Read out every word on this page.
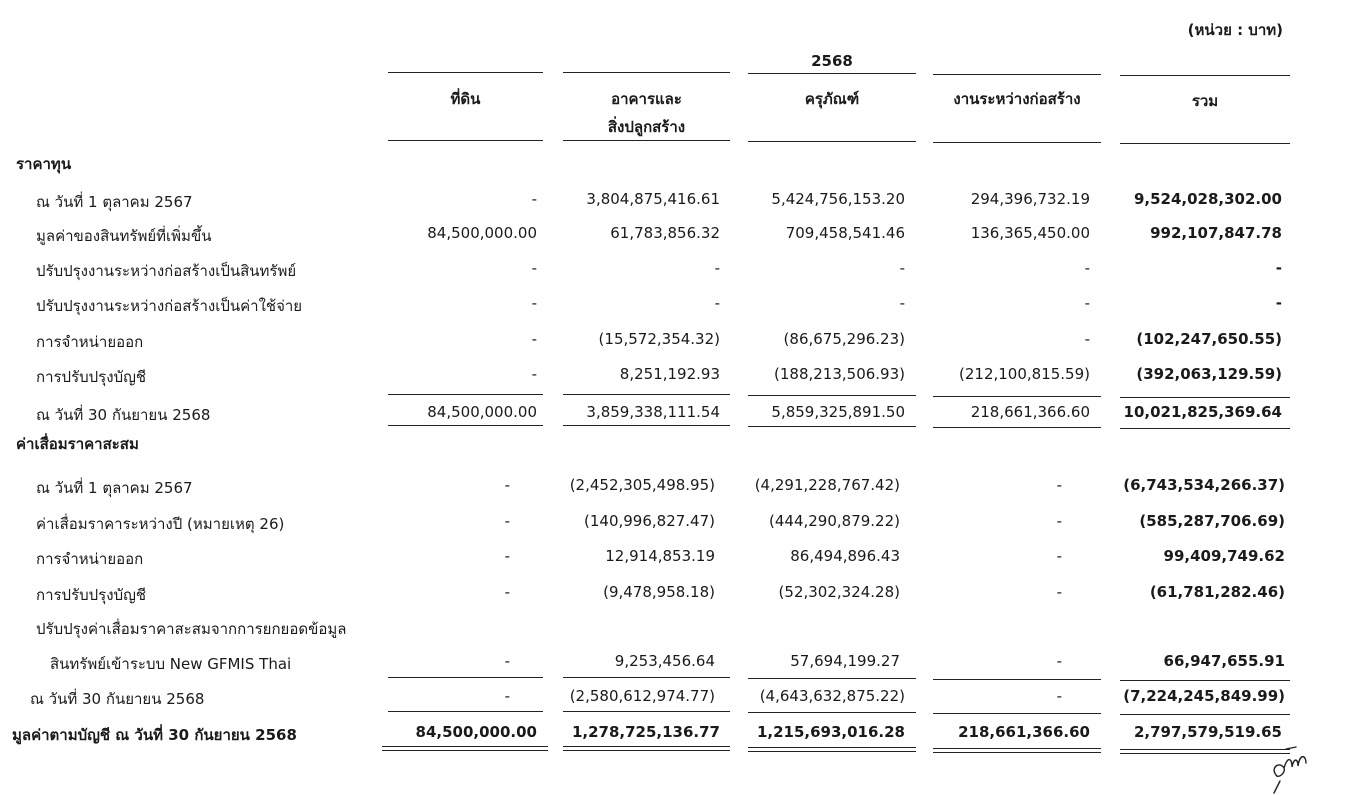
(หน่วย : บาท)
2568
ที่ดิน	อาคารและ
สิ่งปลูกสร้าง
ครุภัณฑ์	งานระหว่างก่อสร้าง	รวม
ราคาทุน
ค่าเสื่อมราคาสะสม
ณ วันที่ 1 ตุลาคม 2567	-	3,804,875,416.61	5,424,756,153.20	294,396,732.19	9,524,028,302.00
มูลค่าของสินทรัพย์ที่เพิ่มขึ้น	84,500,000.00	61,783,856.32	709,458,541.46	136,365,450.00	992,107,847.78
ปรับปรุงงานระหว่างก่อสร้างเป็นสินทรัพย์	-	-	-	-	-
ปรับปรุงงานระหว่างก่อสร้างเป็นค่าใช้จ่าย	-	-	-	-	-
การจำหน่ายออก	-	(15,572,354.32)	(86,675,296.23)	-	(102,247,650.55)
การปรับปรุงบัญชี	-	8,251,192.93	(188,213,506.93)	(212,100,815.59)	(392,063,129.59)
ณ วันที่ 30 กันยายน 2568	84,500,000.00	3,859,338,111.54	5,859,325,891.50	218,661,366.60 10,021,825,369.64
ณ วันที่ 1 ตุลาคม 2567	-	(2,452,305,498.95)	(4,291,228,767.42)	-	(6,743,534,266.37)
ค่าเสื่อมราคาระหว่างปี (หมายเหตุ 26)	-	(140,996,827.47)	(444,290,879.22)	-	(585,287,706.69)
การจำหน่ายออก	-	12,914,853.19	86,494,896.43	-	99,409,749.62
การปรับปรุงบัญชี	-	(9,478,958.18)	(52,302,324.28)	-	(61,781,282.46)
ปรับปรุงค่าเสื่อมราคาสะสมจากการยกยอดข้อมูล
สินทรัพย์เข้าระบบ New GFMIS Thai	-	9,253,456.64	57,694,199.27	-	66,947,655.91
ณ วันที่ 30 กันยายน 2568	-	(2,580,612,974.77)	(4,643,632,875.22)	-	(7,224,245,849.99)
มูลค่าตามบัญชี ณ วันที่ 30 กันยายน 2568	84,500,000.00 1,278,725,136.77 1,215,693,016.28	218,661,366.60	2,797,579,519.65
